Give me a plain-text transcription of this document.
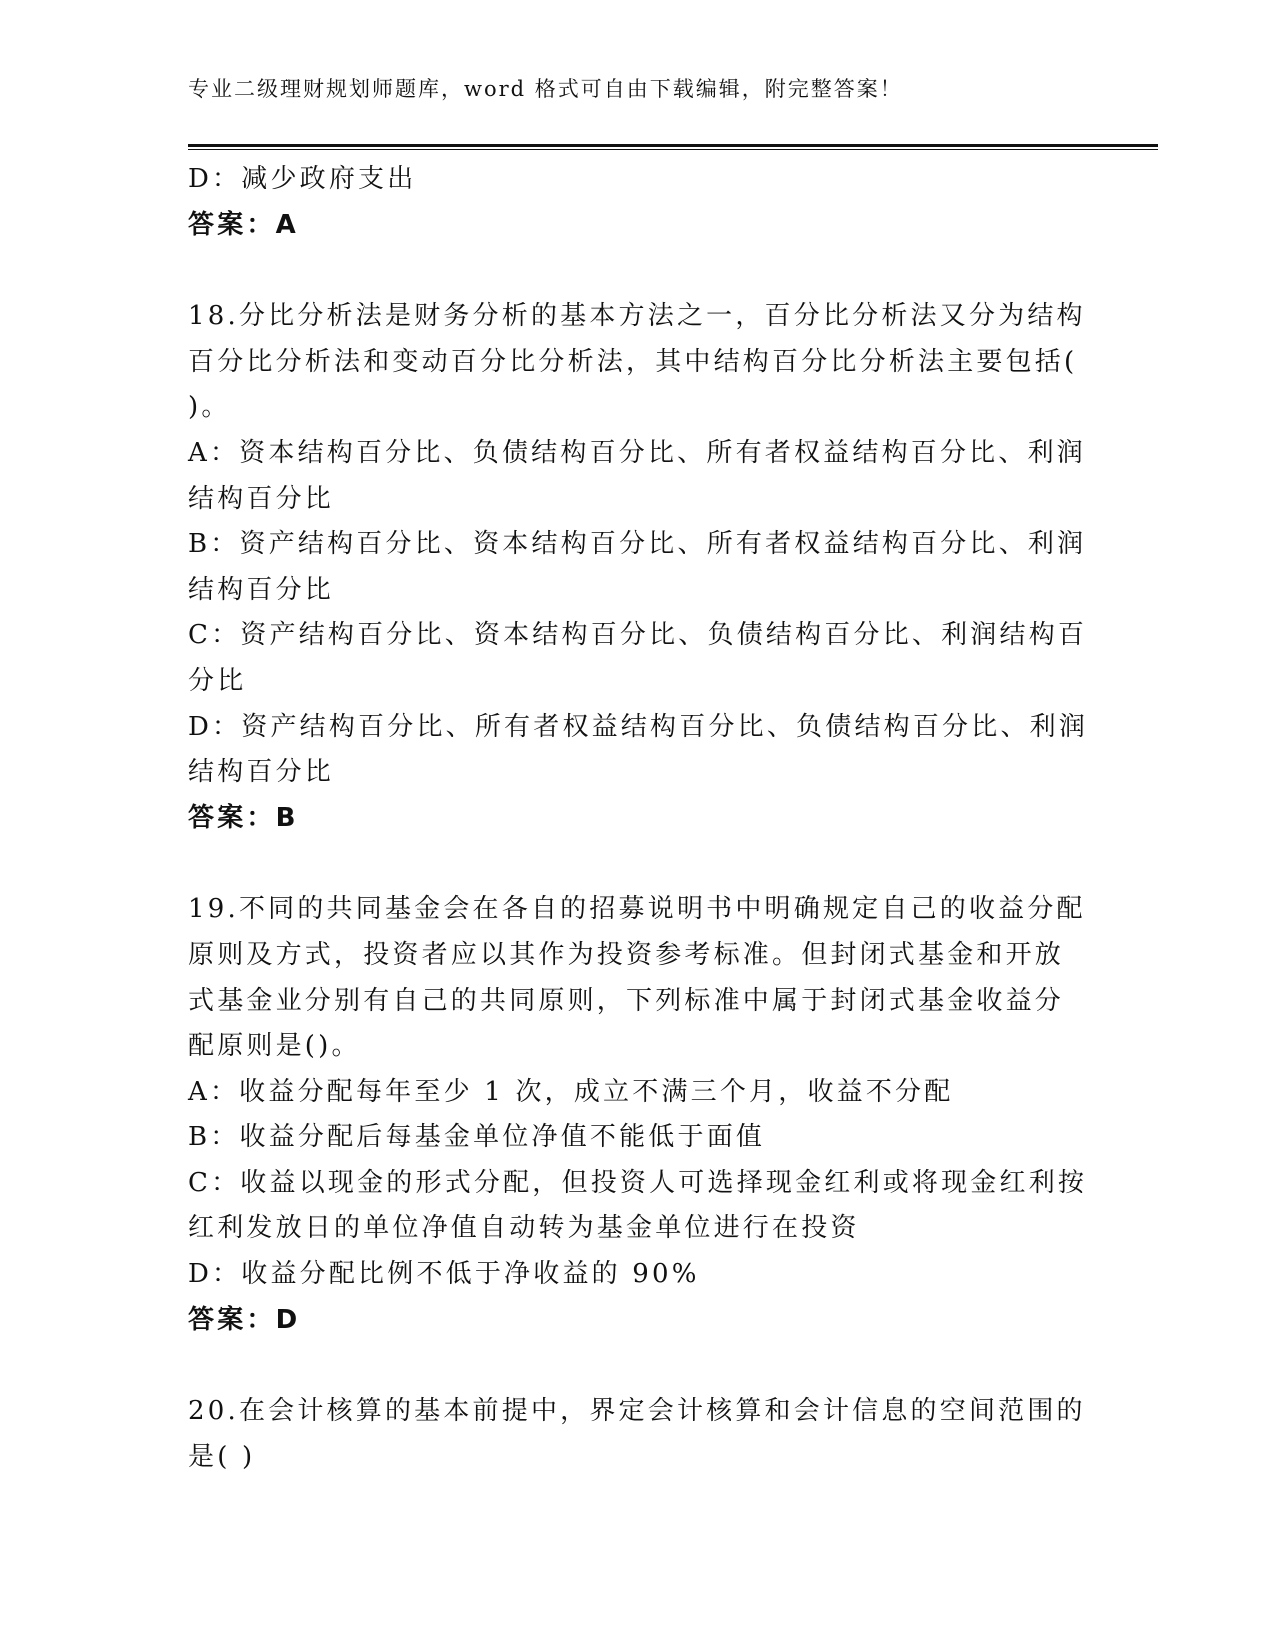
专业二级理财规划师题库，word 格式可自由下载编辑，附完整答案！
D：减少政府支出
答案：A
18.分比分析法是财务分析的基本方法之一，百分比分析法又分为结构
百分比分析法和变动百分比分析法，其中结构百分比分析法主要包括(
)。
A：资本结构百分比、负债结构百分比、所有者权益结构百分比、利润
结构百分比
B：资产结构百分比、资本结构百分比、所有者权益结构百分比、利润
结构百分比
C：资产结构百分比、资本结构百分比、负债结构百分比、利润结构百
分比
D：资产结构百分比、所有者权益结构百分比、负债结构百分比、利润
结构百分比
答案：B
19.不同的共同基金会在各自的招募说明书中明确规定自己的收益分配
原则及方式，投资者应以其作为投资参考标准。但封闭式基金和开放
式基金业分别有自己的共同原则，下列标准中属于封闭式基金收益分
配原则是()。
A：收益分配每年至少 1 次，成立不满三个月，收益不分配
B：收益分配后每基金单位净值不能低于面值
C：收益以现金的形式分配，但投资人可选择现金红利或将现金红利按
红利发放日的单位净值自动转为基金单位进行在投资
D：收益分配比例不低于净收益的 90%
答案：D
20.在会计核算的基本前提中，界定会计核算和会计信息的空间范围的
是( )
